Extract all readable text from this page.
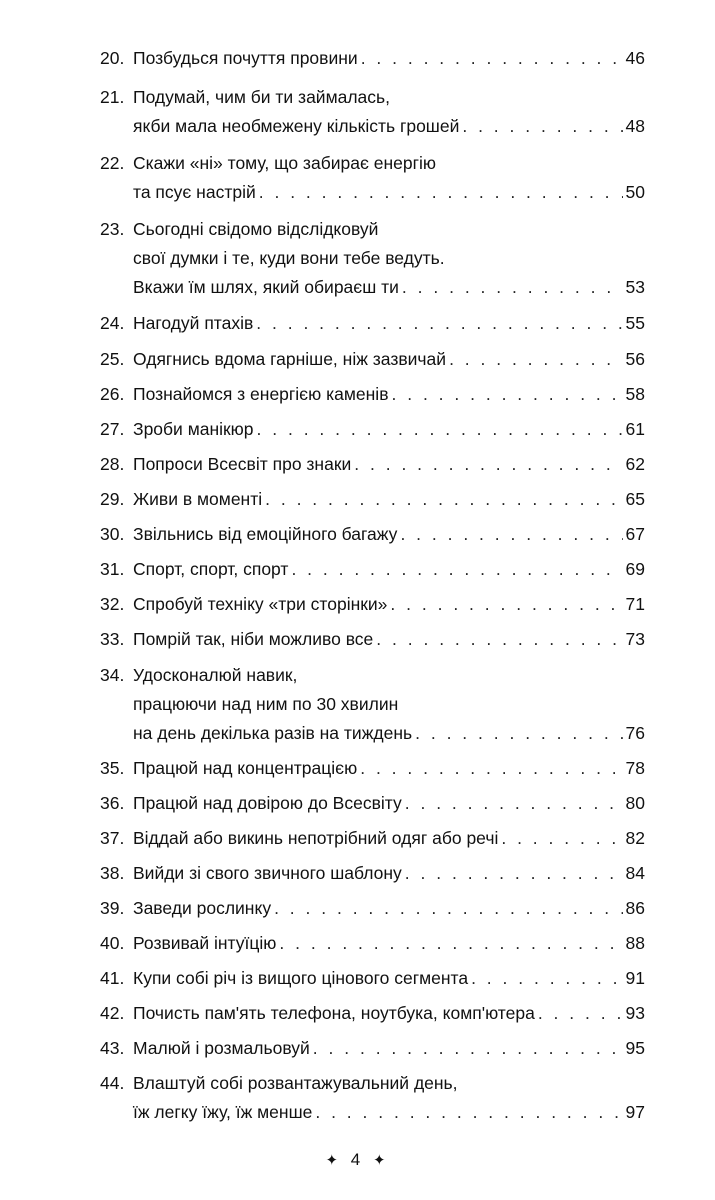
20. Позбудься почуття провини . . .	46
21. Подумай, чим би ти займалась,
якби мала необмежену кількість грошей . . .	48
22. Скажи «ні» тому, що забирає енергію
та псує настрій . . .	50
23. Сьогодні свідомо відслідковуй
свої думки і те, куди вони тебе ведуть.
Вкажи їм шлях, який обираєш ти . . .	53
24. Нагодуй птахів . . .	55
25. Одягнись вдома гарніше, ніж зазвичай . . .	56
26. Познайомся з енергією каменів . . .	58
27. Зроби манікюр . . .	61
28. Попроси Всесвіт про знаки . . .	62
29. Живи в моменті . . .	65
30. Звільнись від емоційного багажу . . .	67
31. Спорт, спорт, спорт . . .	69
32. Спробуй техніку «три сторінки» . . .	71
33. Помрій так, ніби можливо все . . .	73
34. Удосконалюй навик,
працюючи над ним по 30 хвилин
на день декілька разів на тиждень . . .	76
35. Працюй над концентрацією . . .	78
36. Працюй над довірою до Всесвіту . . .	80
37. Віддай або викинь непотрібний одяг або речі . . .	82
38. Вийди зі свого звичного шаблону . . .	84
39. Заведи рослинку . . .	86
40. Розвивай інтуїцію . . .	88
41. Купи собі річ із вищого цінового сегмента . . .	91
42. Почисть пам'ять телефона, ноутбука, комп'ютера . . .	93
43. Малюй і розмальовуй . . .	95
44. Влаштуй собі розвантажувальний день,
їж легку їжу, їж менше . . .	97
✦ 4 ✦
